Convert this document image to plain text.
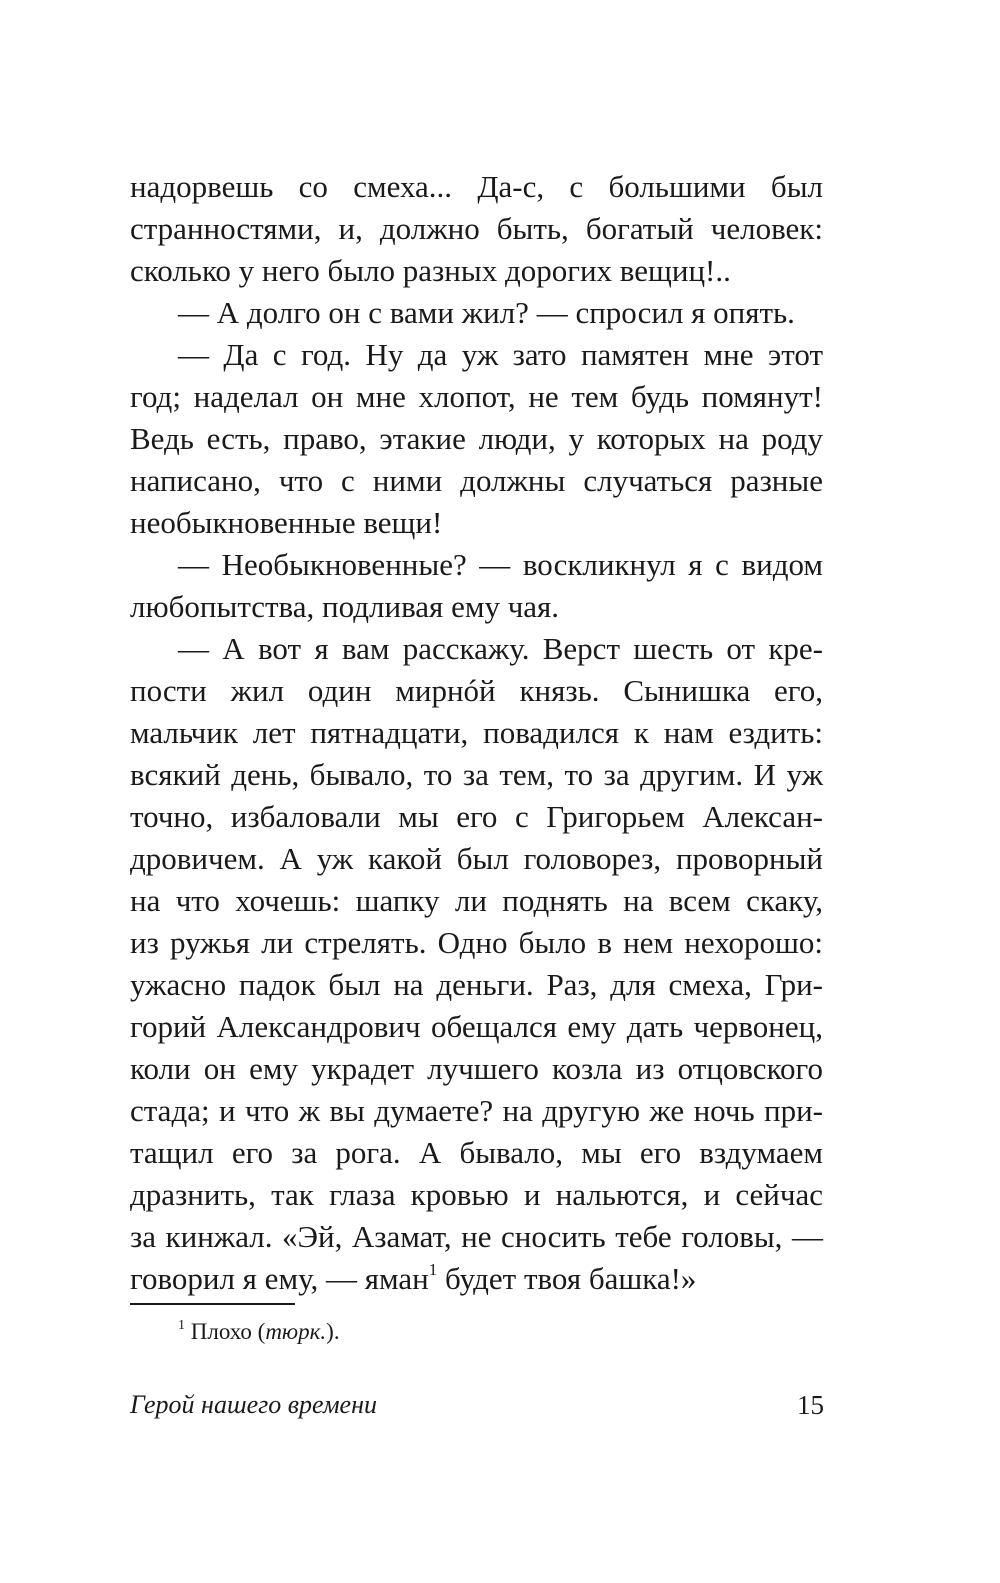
надорвешь со смеха... Да-с, с большими был
странностями, и, должно быть, богатый человек:
сколько у него было разных дорогих вещиц!..
— А долго он с вами жил? — спросил я опять.
— Да с год. Ну да уж зато памятен мне этот
год; наделал он мне хлопот, не тем будь помянут!
Ведь есть, право, этакие люди, у которых на роду
написано, что с ними должны случаться разные
необыкновенные вещи!
— Необыкновенные? — воскликнул я с видом
любопытства, подливая ему чая.
— А вот я вам расскажу. Верст шесть от кре-
пости жил один мирнóй князь. Сынишка его,
мальчик лет пятнадцати, повадился к нам ездить:
всякий день, бывало, то за тем, то за другим. И уж
точно, избаловали мы его с Григорьем Алексан-
дровичем. А уж какой был головорез, проворный
на что хочешь: шапку ли поднять на всем скаку,
из ружья ли стрелять. Одно было в нем нехорошо:
ужасно падок был на деньги. Раз, для смеха, Гри-
горий Александрович обещался ему дать червонец,
коли он ему украдет лучшего козла из отцовского
стада; и что ж вы думаете? на другую же ночь при-
тащил его за рога. А бывало, мы его вздумаем
дразнить, так глаза кровью и нальются, и сейчас
за кинжал. «Эй, Азамат, не сносить тебе головы, —
говорил я ему, — яман$^1$ будет твоя башка!»
$^1$ Плохо (тюрк.).
Герой нашего времени	15
